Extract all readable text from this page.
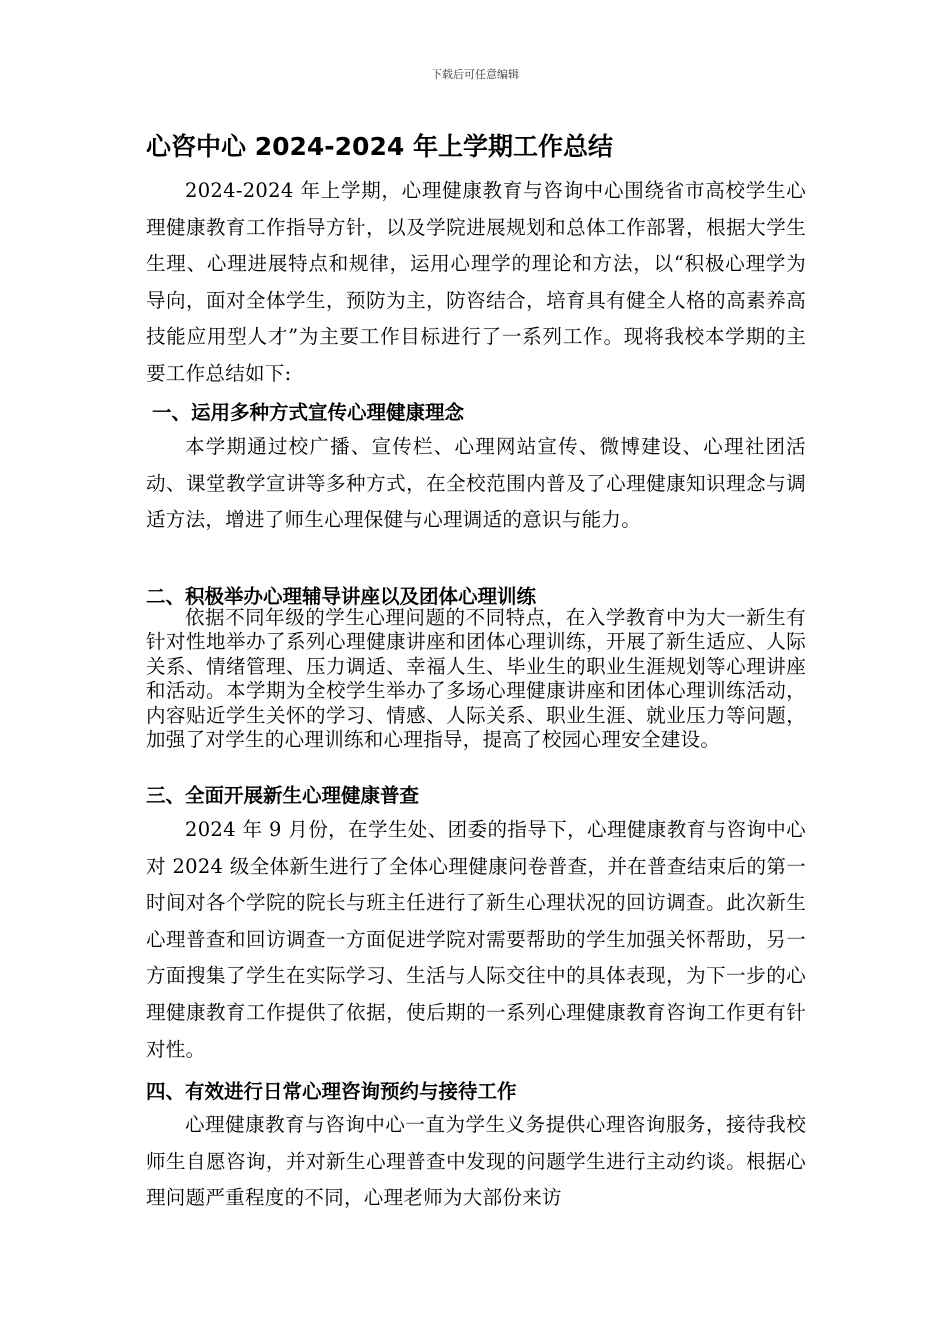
下载后可任意编辑
心咨中心 2024-2024 年上学期工作总结
2024-2024 年上学期，心理健康教育与咨询中心围绕省市高校学生心理健康教育工作指导方针，以及学院进展规划和总体工作部署，根据大学生生理、心理进展特点和规律，运用心理学的理论和方法，以“积极心理学为导向，面对全体学生，预防为主，防咨结合，培育具有健全人格的高素养高技能应用型人才”为主要工作目标进行了一系列工作。现将我校本学期的主要工作总结如下:
一、运用多种方式宣传心理健康理念
本学期通过校广播、宣传栏、心理网站宣传、微博建设、心理社团活动、课堂教学宣讲等多种方式，在全校范围内普及了心理健康知识理念与调适方法，增进了师生心理保健与心理调适的意识与能力。
二、积极举办心理辅导讲座以及团体心理训练
依据不同年级的学生心理问题的不同特点，在入学教育中为大一新生有针对性地举办了系列心理健康讲座和团体心理训练，开展了新生适应、人际关系、情绪管理、压力调适、幸福人生、毕业生的职业生涯规划等心理讲座和活动。本学期为全校学生举办了多场心理健康讲座和团体心理训练活动，内容贴近学生关怀的学习、情感、人际关系、职业生涯、就业压力等问题，加强了对学生的心理训练和心理指导，提高了校园心理安全建设。
三、全面开展新生心理健康普查
2024 年 9 月份，在学生处、团委的指导下，心理健康教育与咨询中心对 2024 级全体新生进行了全体心理健康问卷普查，并在普查结束后的第一时间对各个学院的院长与班主任进行了新生心理状况的回访调查。此次新生心理普查和回访调查一方面促进学院对需要帮助的学生加强关怀帮助，另一方面搜集了学生在实际学习、生活与人际交往中的具体表现，为下一步的心理健康教育工作提供了依据，使后期的一系列心理健康教育咨询工作更有针对性。
四、有效进行日常心理咨询预约与接待工作
心理健康教育与咨询中心一直为学生义务提供心理咨询服务，接待我校师生自愿咨询，并对新生心理普查中发现的问题学生进行主动约谈。根据心理问题严重程度的不同，心理老师为大部份来访
